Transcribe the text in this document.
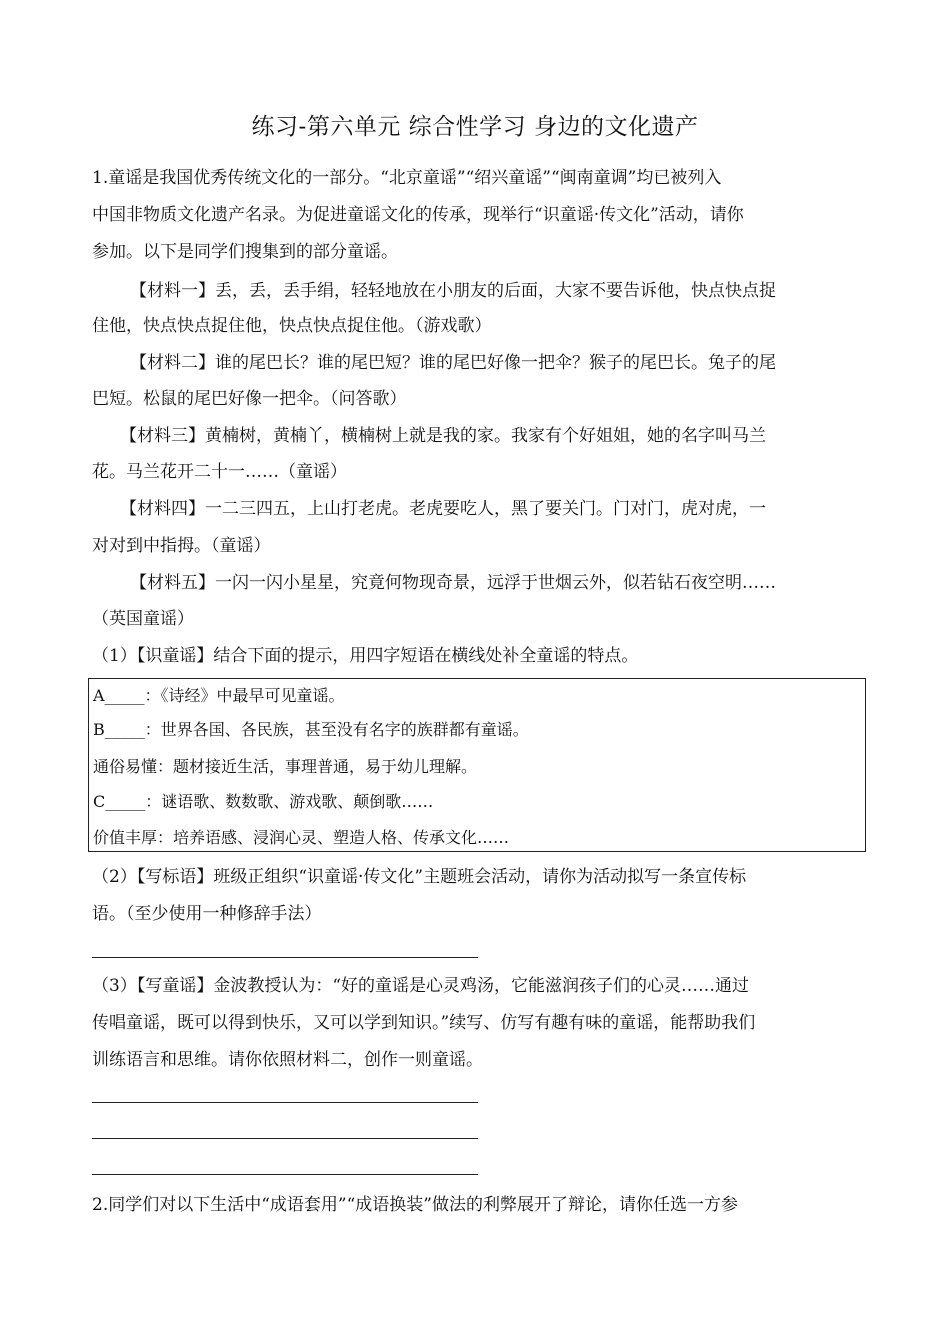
练习-第六单元 综合性学习 身边的文化遗产
1.童谣是我国优秀传统文化的一部分。“北京童谣”“绍兴童谣”“闽南童调”均已被列入
中国非物质文化遗产名录。为促进童谣文化的传承，现举行“识童谣·传文化”活动，请你
参加。以下是同学们搜集到的部分童谣。
【材料一】丢，丢，丢手绢，轻轻地放在小朋友的后面，大家不要告诉他，快点快点捉
住他，快点快点捉住他，快点快点捉住他。（游戏歌）
【材料二】谁的尾巴长？谁的尾巴短？谁的尾巴好像一把伞？猴子的尾巴长。兔子的尾
巴短。松鼠的尾巴好像一把伞。（问答歌）
【材料三】黄楠树，黄楠丫，横楠树上就是我的家。我家有个好姐姐，她的名字叫马兰
花。马兰花开二十一……（童谣）
【材料四】一二三四五，上山打老虎。老虎要吃人，黑了要关门。门对门，虎对虎，一
对对到中指拇。（童谣）
【材料五】一闪一闪小星星，究竟何物现奇景，远浮于世烟云外，似若钻石夜空明……
（英国童谣）
（1）【识童谣】结合下面的提示，用四字短语在横线处补全童谣的特点。
A_____：《诗经》中最早可见童谣。
B_____：世界各国、各民族，甚至没有名字的族群都有童谣。
通俗易懂：题材接近生活，事理普通，易于幼儿理解。
C_____：谜语歌、数数歌、游戏歌、颠倒歌……
价值丰厚：培养语感、浸润心灵、塑造人格、传承文化……
（2）【写标语】班级正组织“识童谣·传文化”主题班会活动，请你为活动拟写一条宣传标
语。（至少使用一种修辞手法）
（3）【写童谣】金波教授认为：“好的童谣是心灵鸡汤，它能滋润孩子们的心灵……通过
传唱童谣，既可以得到快乐，又可以学到知识。”续写、仿写有趣有味的童谣，能帮助我们
训练语言和思维。请你依照材料二，创作一则童谣。
2.同学们对以下生活中“成语套用”“成语换装”做法的利弊展开了辩论，请你任选一方参
